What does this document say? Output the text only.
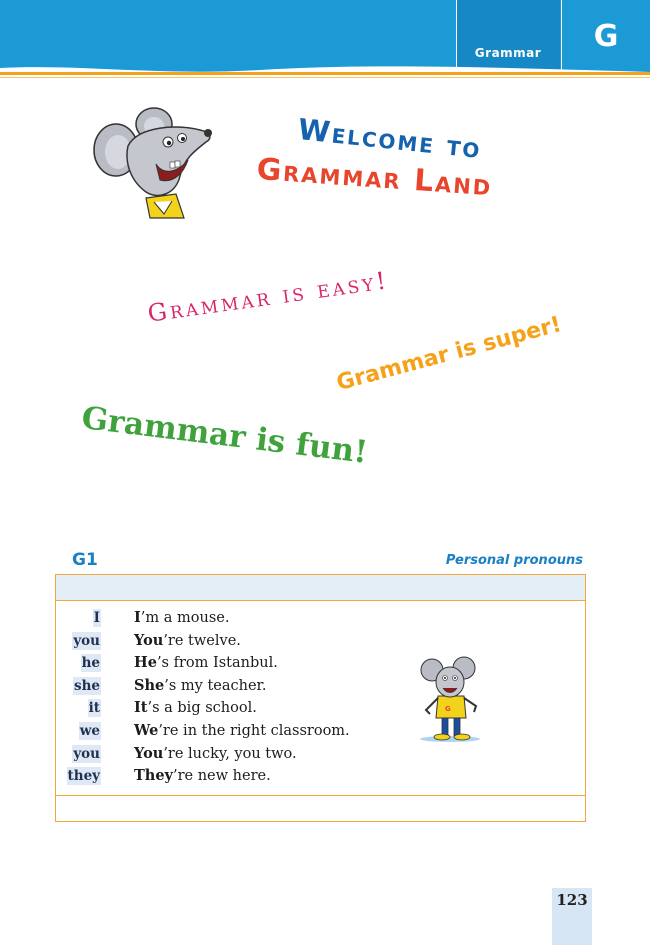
Grammar	G
Welcome to
Grammar Land
Grammar is easy!
Grammar is super!
Grammar is fun!
G1	Personal pronouns
I I’m a mouse.
you You’re twelve.
he He’s from Istanbul.
she She’s my teacher.
it It’s a big school.
we We’re in the right classroom.
you You’re lucky, you two.
they They’re new here.
G
123
